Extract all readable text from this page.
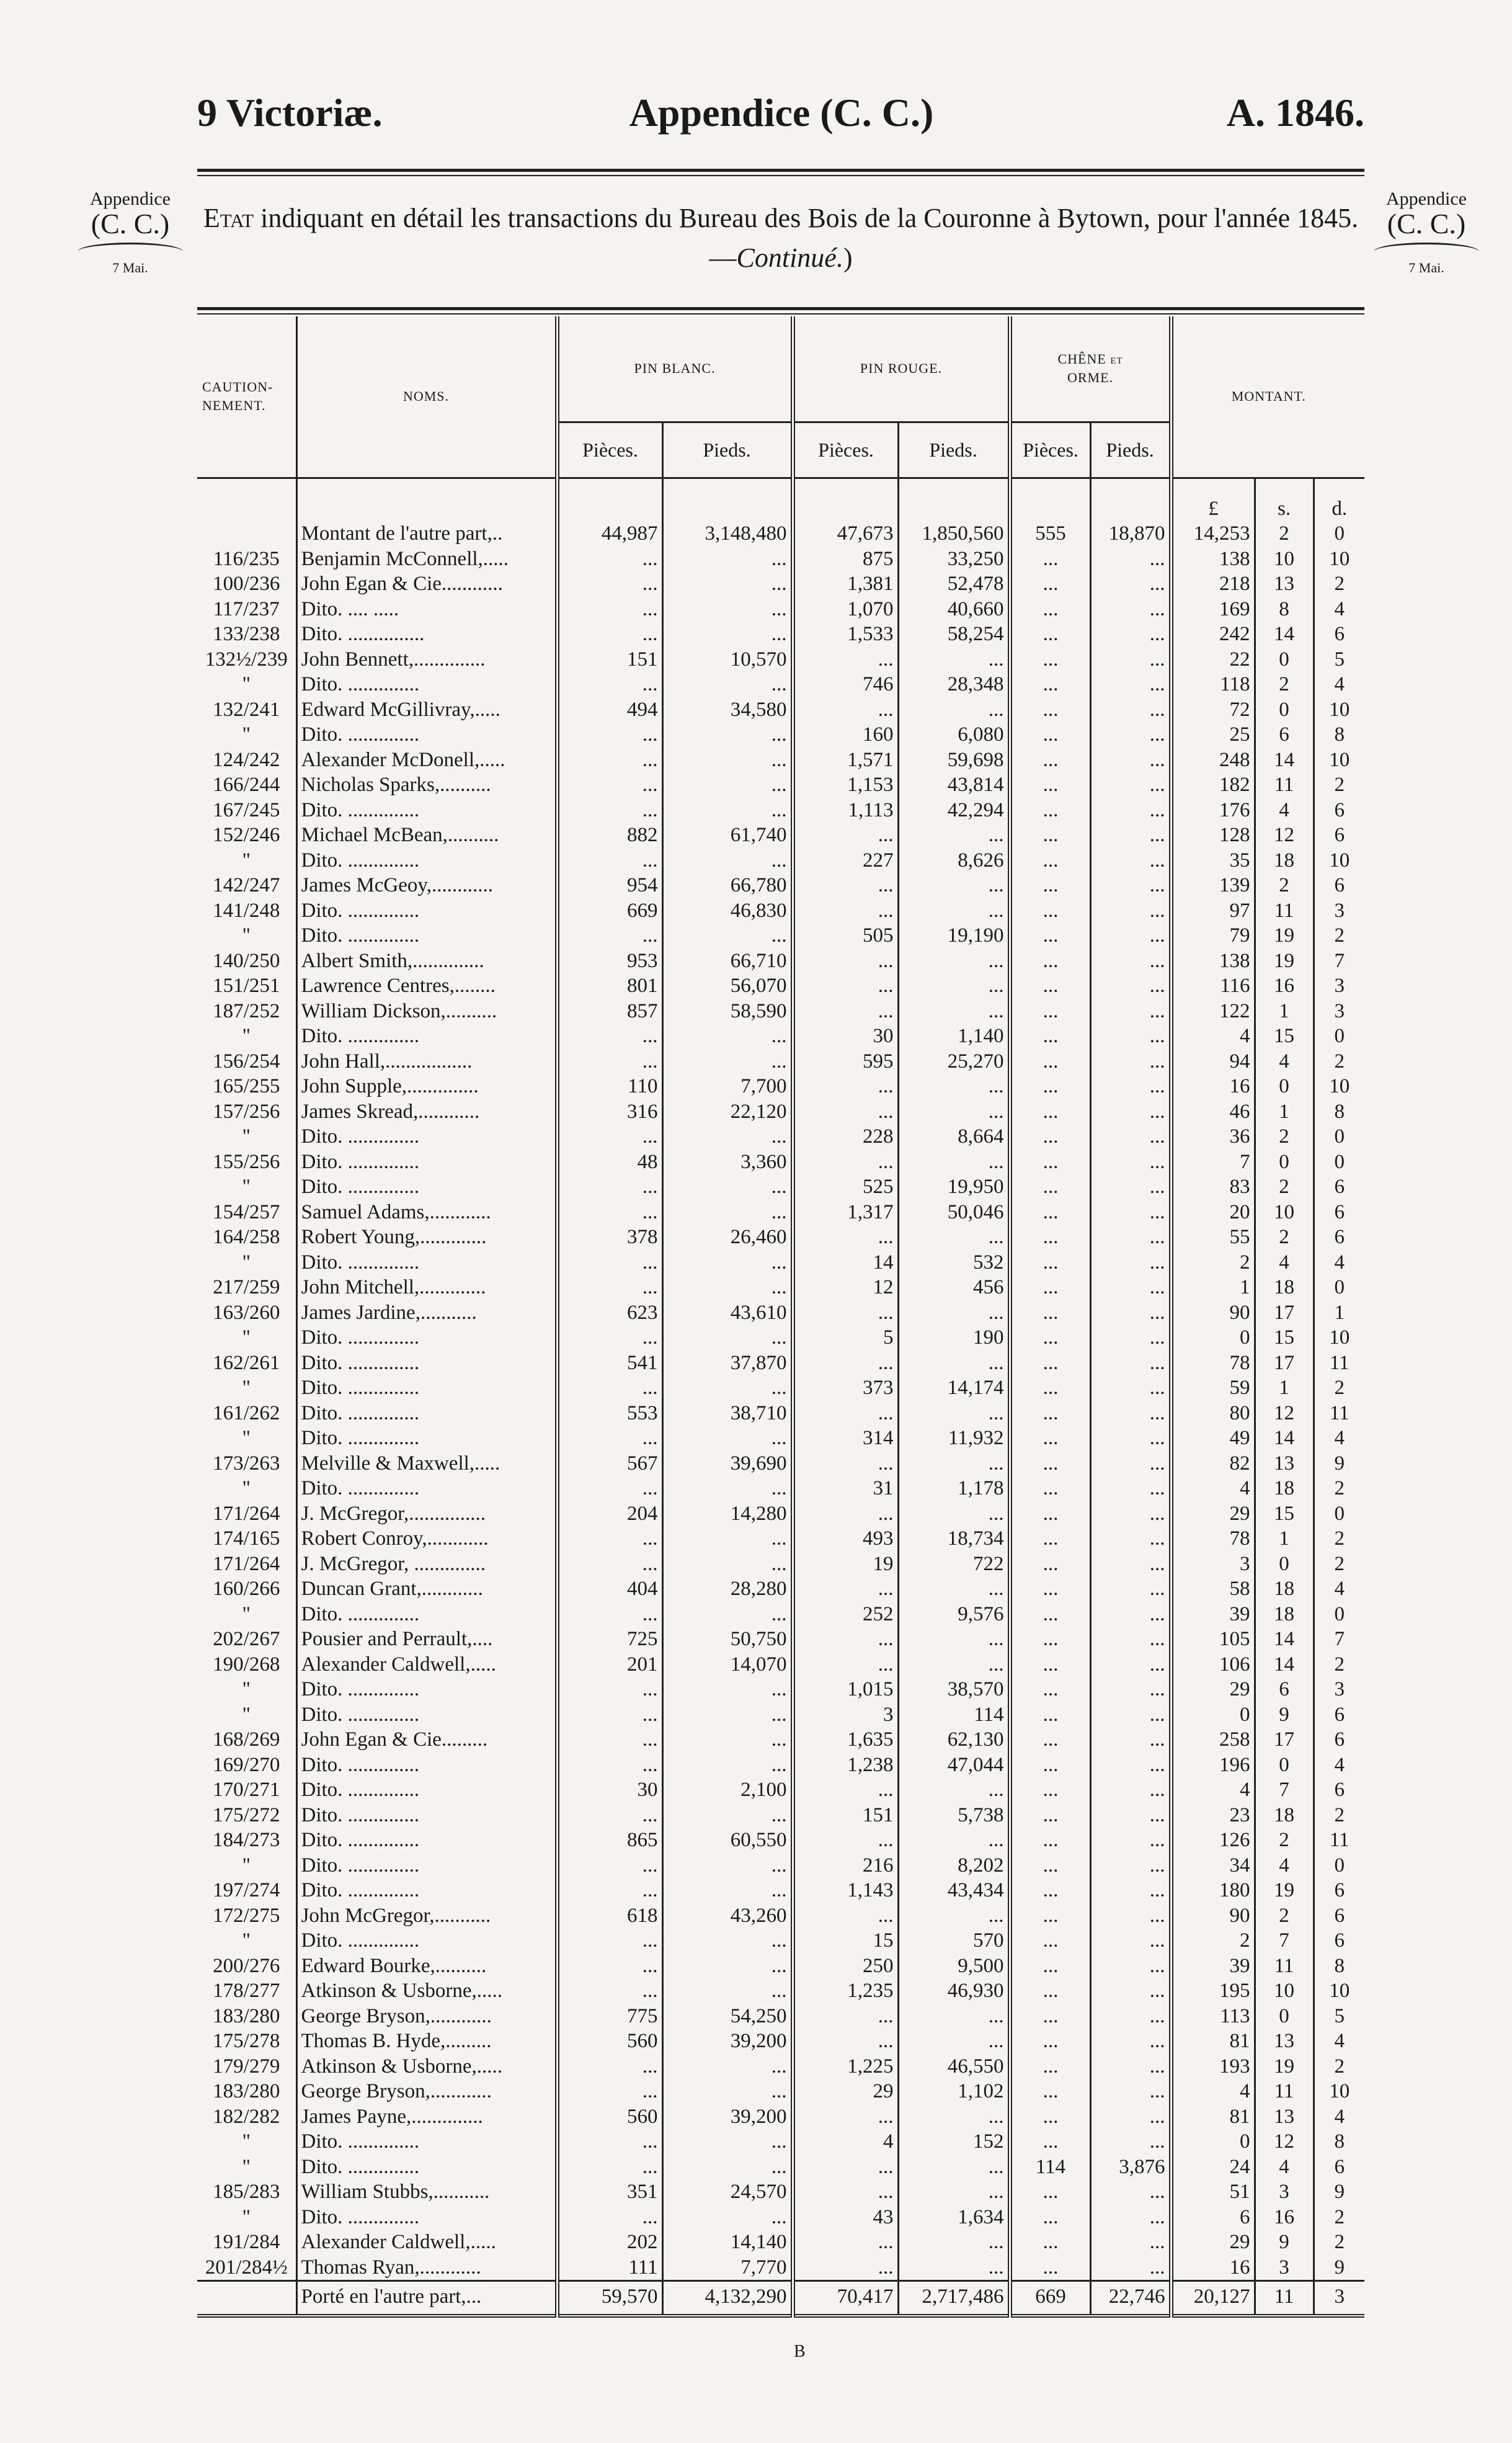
9 Victoriæ.	Appendice (C. C.)	A. 1846.
Appendice
(C. C.)
7 Mai.
Appendice
(C. C.)
7 Mai.
Etat indiquant en détail les transactions du Bureau des Bois de la Couronne à Bytown, pour l'année 1845.—Continué.)
CAUTION-NEMENT.	NOMS.	PIN BLANC.		PIN ROUGE.		CHÊNE et ORME.		MONTANT.		
		Pièces.	Pieds.	Pièces.	Pieds.	Pièces.	Pieds.			
								£	s.	d.
	Montant de l'autre part,..	44,987	3,148,480	47,673	1,850,560	555	18,870	14,253	2	0
116/235	Benjamin McConnell,.....	...	...	875	33,250	...	...	138	10	10
100/236	John Egan & Cie............	...	...	1,381	52,478	...	...	218	13	2
117/237	Dito. .... .....	...	...	1,070	40,660	...	...	169	8	4
133/238	Dito. ...............	...	...	1,533	58,254	...	...	242	14	6
132½/239	John Bennett,..............	151	10,570	...	...	...	...	22	0	5
"	Dito. ..............	...	...	746	28,348	...	...	118	2	4
132/241	Edward McGillivray,.....	494	34,580	...	...	...	...	72	0	10
"	Dito. ..............	...	...	160	6,080	...	...	25	6	8
124/242	Alexander McDonell,.....	...	...	1,571	59,698	...	...	248	14	10
166/244	Nicholas Sparks,..........	...	...	1,153	43,814	...	...	182	11	2
167/245	Dito. ..............	...	...	1,113	42,294	...	...	176	4	6
152/246	Michael McBean,..........	882	61,740	...	...	...	...	128	12	6
"	Dito. ..............	...	...	227	8,626	...	...	35	18	10
142/247	James McGeoy,............	954	66,780	...	...	...	...	139	2	6
141/248	Dito. ..............	669	46,830	...	...	...	...	97	11	3
"	Dito. ..............	...	...	505	19,190	...	...	79	19	2
140/250	Albert Smith,..............	953	66,710	...	...	...	...	138	19	7
151/251	Lawrence Centres,........	801	56,070	...	...	...	...	116	16	3
187/252	William Dickson,..........	857	58,590	...	...	...	...	122	1	3
"	Dito. ..............	...	...	30	1,140	...	...	4	15	0
156/254	John Hall,.................	...	...	595	25,270	...	...	94	4	2
165/255	John Supple,..............	110	7,700	...	...	...	...	16	0	10
157/256	James Skread,............	316	22,120	...	...	...	...	46	1	8
"	Dito. ..............	...	...	228	8,664	...	...	36	2	0
155/256	Dito. ..............	48	3,360	...	...	...	...	7	0	0
"	Dito. ..............	...	...	525	19,950	...	...	83	2	6
154/257	Samuel Adams,............	...	...	1,317	50,046	...	...	20	10	6
164/258	Robert Young,.............	378	26,460	...	...	...	...	55	2	6
"	Dito. ..............	...	...	14	532	...	...	2	4	4
217/259	John Mitchell,.............	...	...	12	456	...	...	1	18	0
163/260	James Jardine,...........	623	43,610	...	...	...	...	90	17	1
"	Dito. ..............	...	...	5	190	...	...	0	15	10
162/261	Dito. ..............	541	37,870	...	...	...	...	78	17	11
"	Dito. ..............	...	...	373	14,174	...	...	59	1	2
161/262	Dito. ..............	553	38,710	...	...	...	...	80	12	11
"	Dito. ..............	...	...	314	11,932	...	...	49	14	4
173/263	Melville & Maxwell,.....	567	39,690	...	...	...	...	82	13	9
"	Dito. ..............	...	...	31	1,178	...	...	4	18	2
171/264	J. McGregor,...............	204	14,280	...	...	...	...	29	15	0
174/165	Robert Conroy,............	...	...	493	18,734	...	...	78	1	2
171/264	J. McGregor, ..............	...	...	19	722	...	...	3	0	2
160/266	Duncan Grant,............	404	28,280	...	...	...	...	58	18	4
"	Dito. ..............	...	...	252	9,576	...	...	39	18	0
202/267	Pousier and Perrault,....	725	50,750	...	...	...	...	105	14	7
190/268	Alexander Caldwell,.....	201	14,070	...	...	...	...	106	14	2
"	Dito. ..............	...	...	1,015	38,570	...	...	29	6	3
"	Dito. ..............	...	...	3	114	...	...	0	9	6
168/269	John Egan & Cie.........	...	...	1,635	62,130	...	...	258	17	6
169/270	Dito. ..............	...	...	1,238	47,044	...	...	196	0	4
170/271	Dito. ..............	30	2,100	...	...	...	...	4	7	6
175/272	Dito. ..............	...	...	151	5,738	...	...	23	18	2
184/273	Dito. ..............	865	60,550	...	...	...	...	126	2	11
"	Dito. ..............	...	...	216	8,202	...	...	34	4	0
197/274	Dito. ..............	...	...	1,143	43,434	...	...	180	19	6
172/275	John McGregor,...........	618	43,260	...	...	...	...	90	2	6
"	Dito. ..............	...	...	15	570	...	...	2	7	6
200/276	Edward Bourke,..........	...	...	250	9,500	...	...	39	11	8
178/277	Atkinson & Usborne,.....	...	...	1,235	46,930	...	...	195	10	10
183/280	George Bryson,............	775	54,250	...	...	...	...	113	0	5
175/278	Thomas B. Hyde,.........	560	39,200	...	...	...	...	81	13	4
179/279	Atkinson & Usborne,.....	...	...	1,225	46,550	...	...	193	19	2
183/280	George Bryson,............	...	...	29	1,102	...	...	4	11	10
182/282	James Payne,..............	560	39,200	...	...	...	...	81	13	4
"	Dito. ..............	...	...	4	152	...	...	0	12	8
"	Dito. ..............	...	...	...	...	114	3,876	24	4	6
185/283	William Stubbs,...........	351	24,570	...	...	...	...	51	3	9
"	Dito. ..............	...	...	43	1,634	...	...	6	16	2
191/284	Alexander Caldwell,.....	202	14,140	...	...	...	...	29	9	2
201/284½	Thomas Ryan,............	111	7,770	...	...	...	...	16	3	9
	Porté en l'autre part,...	59,570	4,132,290	70,417	2,717,486	669	22,746	20,127	11	3
B
